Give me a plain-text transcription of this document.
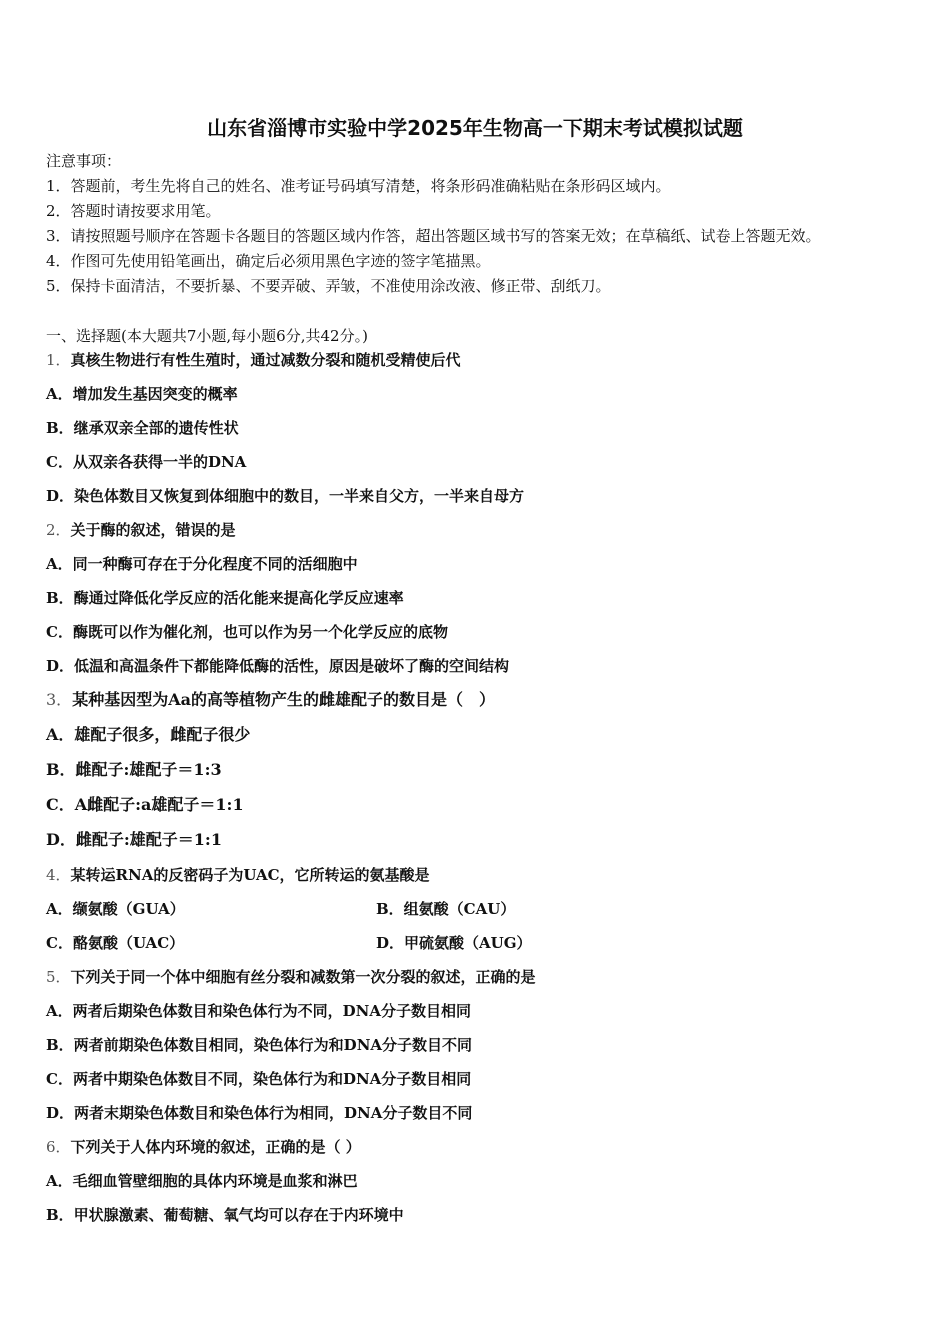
山东省淄博市实验中学2025年生物高一下期末考试模拟试题
注意事项：
1．答题前，考生先将自己的姓名、准考证号码填写清楚，将条形码准确粘贴在条形码区域内。
2．答题时请按要求用笔。
3．请按照题号顺序在答题卡各题目的答题区域内作答，超出答题区域书写的答案无效；在草稿纸、试卷上答题无效。
4．作图可先使用铅笔画出，确定后必须用黑色字迹的签字笔描黑。
5．保持卡面清洁，不要折暴、不要弄破、弄皱，不准使用涂改液、修正带、刮纸刀。
一、选择题(本大题共7小题,每小题6分,共42分。)
1．真核生物进行有性生殖时，通过减数分裂和随机受精使后代
A．增加发生基因突变的概率
B．继承双亲全部的遗传性状
C．从双亲各获得一半的DNA
D．染色体数目又恢复到体细胞中的数目，一半来自父方，一半来自母方
2．关于酶的叙述，错误的是
A．同一种酶可存在于分化程度不同的活细胞中
B．酶通过降低化学反应的活化能来提高化学反应速率
C．酶既可以作为催化剂，也可以作为另一个化学反应的底物
D．低温和高温条件下都能降低酶的活性，原因是破坏了酶的空间结构
3．某种基因型为Aa的高等植物产生的雌雄配子的数目是（　）
A．雄配子很多，雌配子很少
B．雌配子:雄配子＝1:3
C．A雌配子:a雄配子＝1:1
D．雌配子:雄配子＝1:1
4．某转运RNA的反密码子为UAC，它所转运的氨基酸是
A．缬氨酸（GUA）	B．组氨酸（CAU）
C．酪氨酸（UAC）	D．甲硫氨酸（AUG）
5．下列关于同一个体中细胞有丝分裂和减数第一次分裂的叙述，正确的是
A．两者后期染色体数目和染色体行为不同，DNA分子数目相同
B．两者前期染色体数目相同，染色体行为和DNA分子数目不同
C．两者中期染色体数目不同，染色体行为和DNA分子数目相同
D．两者末期染色体数目和染色体行为相同，DNA分子数目不同
6．下列关于人体内环境的叙述，正确的是（ ）
A．毛细血管壁细胞的具体内环境是血浆和淋巴
B．甲状腺激素、葡萄糖、氧气均可以存在于内环境中
